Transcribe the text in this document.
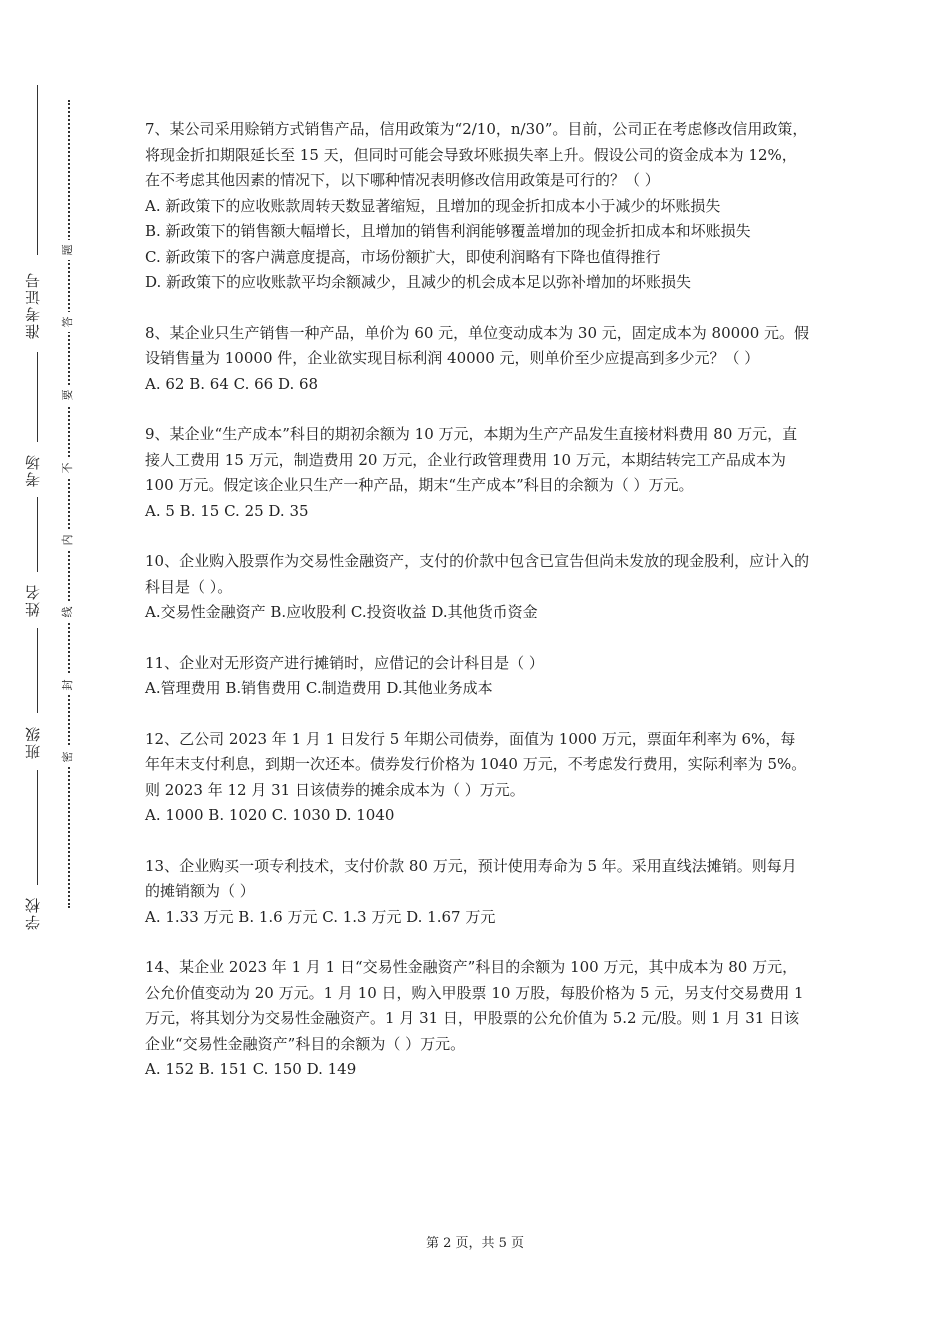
准考证号
考场
姓名
班级
学校
题
答
要
不
内
线
封
密

7、某公司采用赊销方式销售产品，信用政策为“2/10，n/30”。目前，公司正在考虑修改信用政策，将现金折扣期限延长至 15 天，但同时可能会导致坏账损失率上升。假设公司的资金成本为 12%，在不考虑其他因素的情况下，以下哪种情况表明修改信用政策是可行的？（ ）

A. 新政策下的应收账款周转天数显著缩短，且增加的现金折扣成本小于减少的坏账损失

B. 新政策下的销售额大幅增长，且增加的销售利润能够覆盖增加的现金折扣成本和坏账损失

C. 新政策下的客户满意度提高，市场份额扩大，即使利润略有下降也值得推行

D. 新政策下的应收账款平均余额减少，且减少的机会成本足以弥补增加的坏账损失

8、某企业只生产销售一种产品，单价为 60 元，单位变动成本为 30 元，固定成本为 80000 元。假设销售量为 10000 件，企业欲实现目标利润 40000 元，则单价至少应提高到多少元？（ ）

A. 62 B. 64 C. 66 D. 68

9、某企业“生产成本”科目的期初余额为 10 万元，本期为生产产品发生直接材料费用 80 万元，直接人工费用 15 万元，制造费用 20 万元，企业行政管理费用 10 万元，本期结转完工产品成本为 100 万元。假定该企业只生产一种产品，期末“生产成本”科目的余额为（ ）万元。

A. 5 B. 15 C. 25 D. 35

10、企业购入股票作为交易性金融资产，支付的价款中包含已宣告但尚未发放的现金股利，应计入的科目是（ ）。

A.交易性金融资产 B.应收股利 C.投资收益 D.其他货币资金

11、企业对无形资产进行摊销时，应借记的会计科目是（ ）

A.管理费用 B.销售费用 C.制造费用 D.其他业务成本

12、乙公司 2023 年 1 月 1 日发行 5 年期公司债券，面值为 1000 万元，票面年利率为 6%，每年年末支付利息，到期一次还本。债券发行价格为 1040 万元，不考虑发行费用，实际利率为 5%。则 2023 年 12 月 31 日该债券的摊余成本为（ ）万元。

A. 1000 B. 1020 C. 1030 D. 1040

13、企业购买一项专利技术，支付价款 80 万元，预计使用寿命为 5 年。采用直线法摊销。则每月的摊销额为（ ）

A. 1.33 万元 B. 1.6 万元 C. 1.3 万元 D. 1.67 万元

14、某企业 2023 年 1 月 1 日“交易性金融资产”科目的余额为 100 万元，其中成本为 80 万元，公允价值变动为 20 万元。1 月 10 日，购入甲股票 10 万股，每股价格为 5 元，另支付交易费用 1 万元，将其划分为交易性金融资产。1 月 31 日，甲股票的公允价值为 5.2 元/股。则 1 月 31 日该企业“交易性金融资产”科目的余额为（ ）万元。

A. 152 B. 151 C. 150 D. 149

第 2 页，共 5 页
